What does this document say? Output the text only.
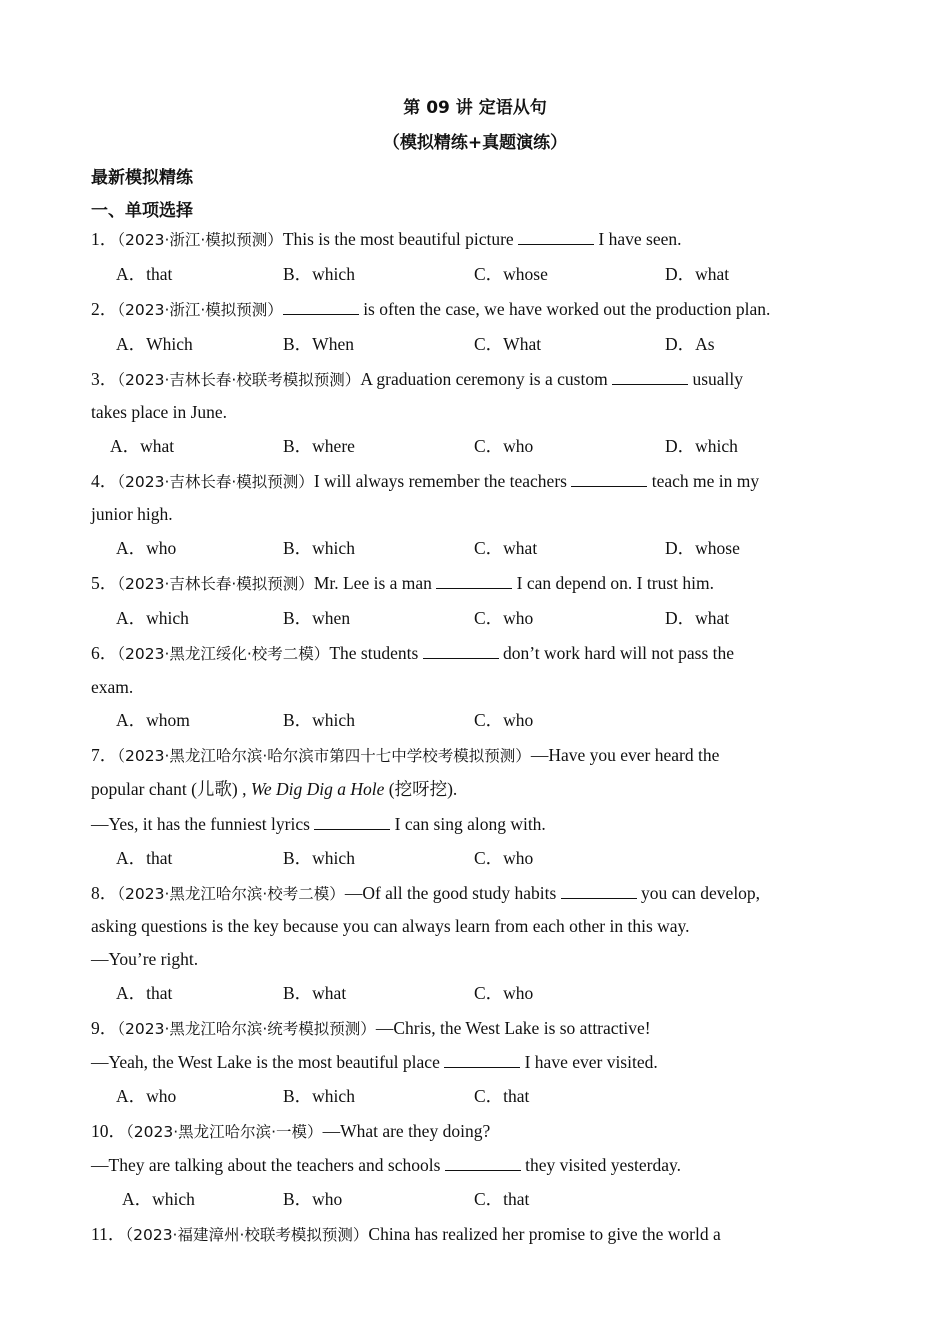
第 09 讲 定语从句
（模拟精练+真题演练）
最新模拟精练
一、单项选择
1．（2023·浙江·模拟预测）This is the most beautiful picture	I have seen.
A．that	B．which	C．whose	D．what
2．（2023·浙江·模拟预测）	is often the case, we have worked out the production plan.
A．Which	B．When	C．What	D．As
3．（2023·吉林长春·校联考模拟预测）A graduation ceremony is a custom	usually
takes place in June.
A．what	B．where	C．who	D．which
4．（2023·吉林长春·模拟预测）I will always remember the teachers	teach me in my
junior high.
A．who	B．which	C．what	D．whose
5．（2023·吉林长春·模拟预测）Mr. Lee is a man	I can depend on. I trust him.
A．which	B．when	C．who	D．what
6．（2023·黑龙江绥化·校考二模）The students	don’t work hard will not pass the
exam.
A．whom	B．which	C．who
7．（2023·黑龙江哈尔滨·哈尔滨市第四十七中学校考模拟预测）—Have you ever heard the
popular chant (儿歌) , We Dig Dig a Hole (挖呀挖).
—Yes, it has the funniest lyrics	I can sing along with.
A．that	B．which	C．who
8．（2023·黑龙江哈尔滨·校考二模）—Of all the good study habits	you can develop,
asking questions is the key because you can always learn from each other in this way.
—You’re right.
A．that	B．what	C．who
9．（2023·黑龙江哈尔滨·统考模拟预测）—Chris, the West Lake is so attractive!
—Yeah, the West Lake is the most beautiful place	I have ever visited.
A．who	B．which	C．that
10．（2023·黑龙江哈尔滨·一模）—What are they doing?
—They are talking about the teachers and schools	they visited yesterday.
A．which	B．who	C．that
11．（2023·福建漳州·校联考模拟预测）China has realized her promise to give the world a
